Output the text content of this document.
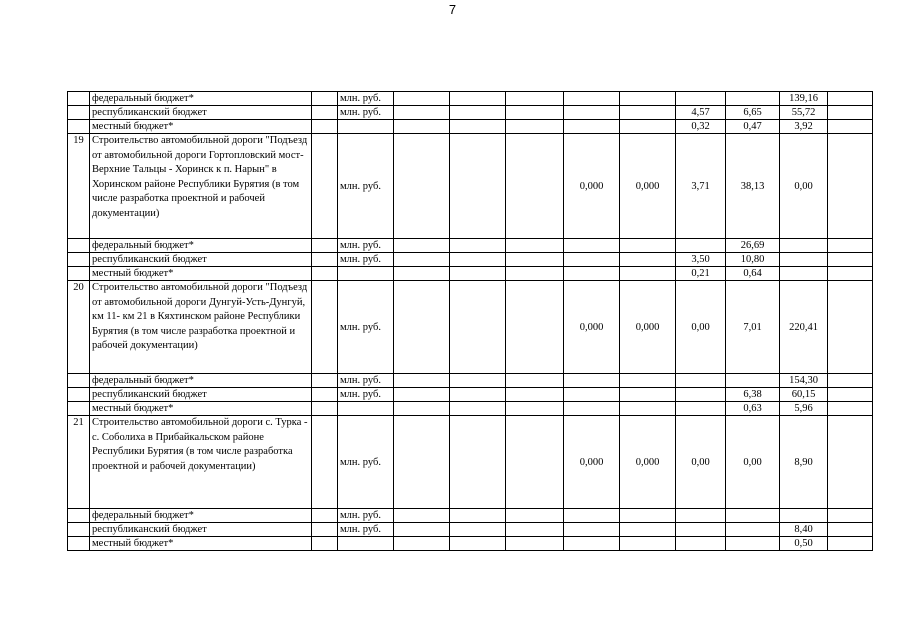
7
	федеральный бюджет*		млн. руб.								139,16	
	республиканский бюджет		млн. руб.						4,57	6,65	55,72	
	местный бюджет*								0,32	0,47	3,92	
19	Строительство автомобильной дороги "Подъезд от автомобильной дороги Гортопловский мост-Верхние Тальцы - Хоринск к п. Нарын" в Хоринском районе Республики Бурятия (в том числе разработка проектной и рабочей документации)		млн. руб.				0,000	0,000	3,71	38,13	0,00	
	федеральный бюджет*		млн. руб.							26,69		
	республиканский бюджет		млн. руб.						3,50	10,80		
	местный бюджет*								0,21	0,64		
20	Строительство автомобильной дороги "Подъезд от автомобильной дороги Дунгуй-Усть-Дунгуй, км 11- км 21 в Кяхтинском районе Республики Бурятия (в том числе разработка проектной и рабочей документации)		млн. руб.				0,000	0,000	0,00	7,01	220,41	
	федеральный бюджет*		млн. руб.								154,30	
	республиканский бюджет		млн. руб.							6,38	60,15	
	местный бюджет*									0,63	5,96	
21	Строительство автомобильной дороги с. Турка - с. Соболиха в Прибайкальском районе Республики Бурятия (в том числе разработка проектной и рабочей документации)		млн. руб.				0,000	0,000	0,00	0,00	8,90	
	федеральный бюджет*		млн. руб.									
	республиканский бюджет		млн. руб.								8,40	
	местный бюджет*										0,50	
